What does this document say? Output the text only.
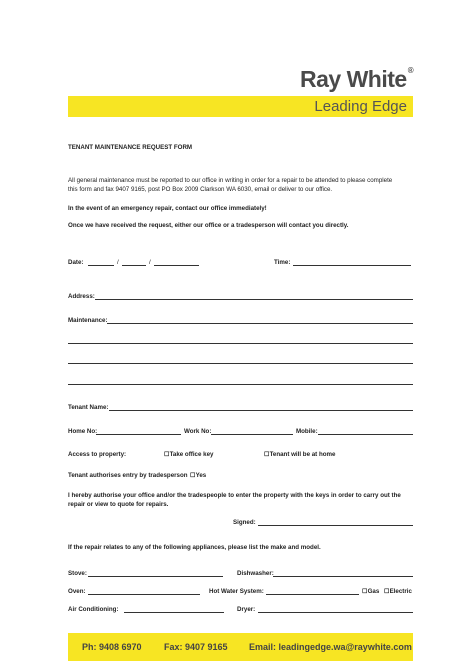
Ray White®
Leading Edge
TENANT MAINTENANCE REQUEST FORM
All general maintenance must be reported to our office in writing in order for a repair to be attended to please complete
this form and fax 9407 9165, post PO Box 2009 Clarkson WA 6030, email or deliver to our office.
In the event of an emergency repair, contact our office immediately!
Once we have received the request, either our office or a tradesperson will contact you directly.
Date:	/	/	Time:
Address:
Maintenance:
Tenant Name:
Home No:	Work No:	Mobile:
Access to property:	☐Take office key	☐Tenant will be at home
Tenant authorises entry by tradesperson ☐Yes
I hereby authorise your office and/or the tradespeople to enter the property with the keys in order to carry out the
repair or view to quote for repairs.
Signed:
If the repair relates to any of the following appliances, please list the make and model.
Stove:	Dishwasher:
Oven:	Hot Water System:	☐Gas ☐Electric
Air Conditioning:	Dryer:
Ph: 9408 6970 Fax: 9407 9165 Email: leadingedge.wa@raywhite.com
